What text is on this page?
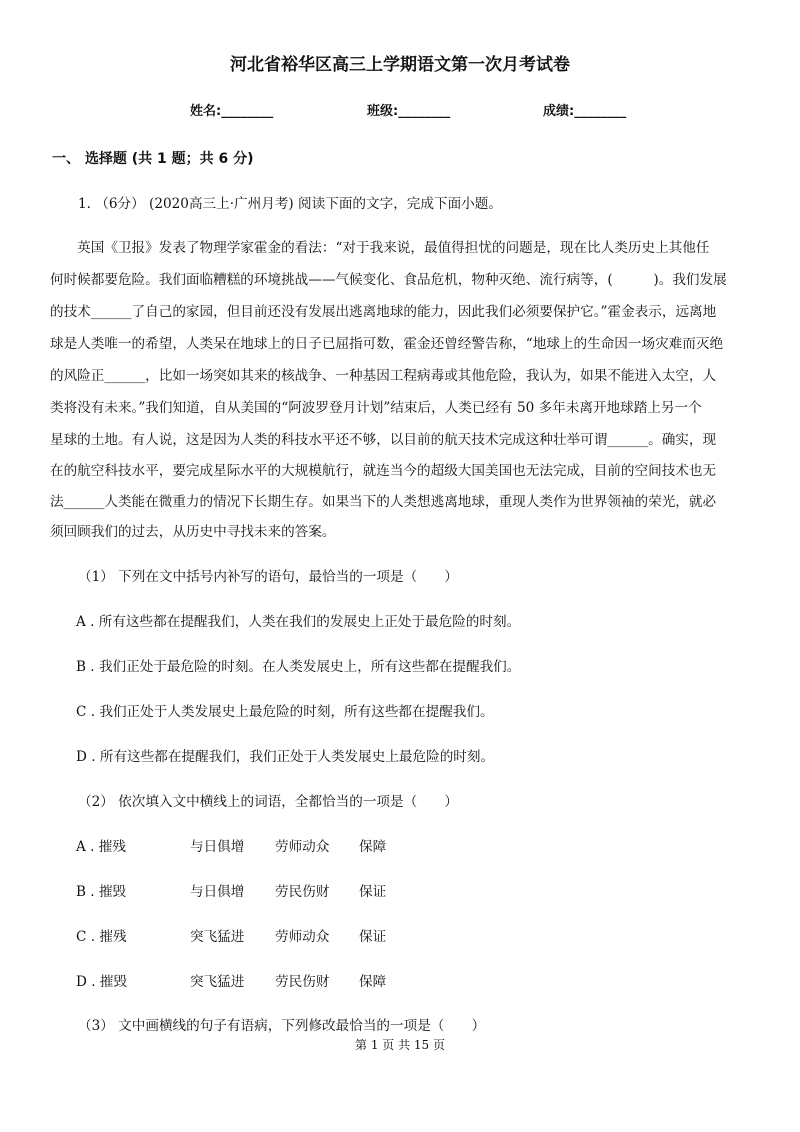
河北省裕华区高三上学期语文第一次月考试卷
姓名:________	班级:________	成绩:________
一、 选择题 (共 1 题；共 6 分)
1. （6分） (2020高三上·广州月考) 阅读下面的文字，完成下面小题。
　　英国《卫报》发表了物理学家霍金的看法：“对于我来说，最值得担忧的问题是，现在比人类历史上其他任
何时候都要危险。我们面临糟糕的环境挑战——气候变化、食品危机，物种灭绝、流行病等，(　　　)。我们发展
的技术______了自己的家园，但目前还没有发展出逃离地球的能力，因此我们必须要保护它。”霍金表示，远离地
球是人类唯一的希望，人类呆在地球上的日子已屈指可数，霍金还曾经警告称，“地球上的生命因一场灾难而灭绝
的风险正______，比如一场突如其来的核战争、一种基因工程病毒或其他危险，我认为，如果不能进入太空，人
类将没有未来。”我们知道，自从美国的“阿波罗登月计划”结束后，人类已经有 50 多年未离开地球踏上另一个
星球的土地。有人说，这是因为人类的科技水平还不够，以目前的航天技术完成这种壮举可谓______。确实，现
在的航空科技水平，要完成星际水平的大规模航行，就连当今的超级大国美国也无法完成，目前的空间技术也无
法______人类能在微重力的情况下长期生存。如果当下的人类想逃离地球，重现人类作为世界领袖的荣光，就必
须回顾我们的过去，从历史中寻找未来的答案。
（1） 下列在文中括号内补写的语句，最恰当的一项是（　　）
A . 所有这些都在提醒我们，人类在我们的发展史上正处于最危险的时刻。
B . 我们正处于最危险的时刻。在人类发展史上，所有这些都在提醒我们。
C . 我们正处于人类发展史上最危险的时刻，所有这些都在提醒我们。
D . 所有这些都在提醒我们，我们正处于人类发展史上最危险的时刻。
（2） 依次填入文中横线上的词语，全都恰当的一项是（　　）
A . 摧残	与日俱增 劳师动众 保障
B . 摧毁	与日俱增 劳民伤财 保证
C . 摧残	突飞猛进 劳师动众 保证
D . 摧毁	突飞猛进 劳民伤财 保障
（3） 文中画横线的句子有语病，下列修改最恰当的一项是（　　）
第 1 页 共 15 页
